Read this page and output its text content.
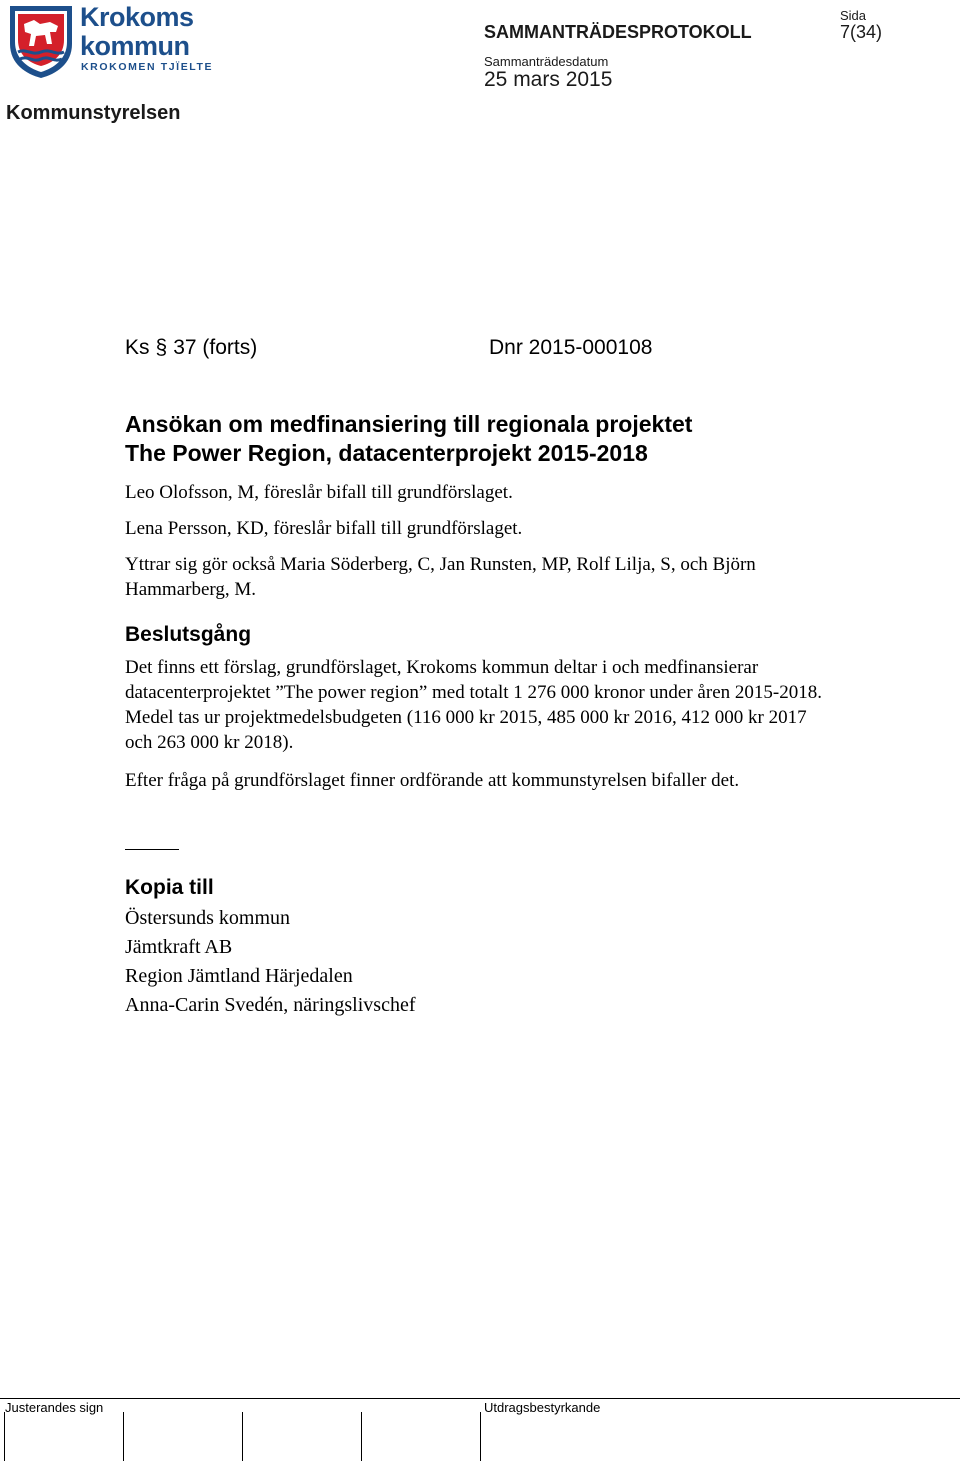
Krokoms
kommun
KROKOMEN TJÏELTE
SAMMANTRÄDESPROTOKOLL
Sammanträdesdatum
25 mars 2015
Sida
7(34)
Kommunstyrelsen
Ks § 37 (forts)	Dnr 2015-000108
Ansökan om medfinansiering till regionala projektet
The Power Region, datacenterprojekt 2015-2018
Leo Olofsson, M, föreslår bifall till grundförslaget.
Lena Persson, KD, föreslår bifall till grundförslaget.
Yttrar sig gör också Maria Söderberg, C, Jan Runsten, MP, Rolf Lilja, S, och Björn Hammarberg, M.
Beslutsgång
Det finns ett förslag, grundförslaget, Krokoms kommun deltar i och medfinansierar datacenterprojektet ”The power region” med totalt 1 276 000 kronor under åren 2015-2018. Medel tas ur projektmedelsbudgeten (116 000 kr 2015, 485 000 kr 2016, 412 000 kr 2017 och 263 000 kr 2018).
Efter fråga på grundförslaget finner ordförande att kommunstyrelsen bifaller det.
Kopia till
Östersunds kommun
Jämtkraft AB
Region Jämtland Härjedalen
Anna-Carin Svedén, näringslivschef
Justerandes sign	Utdragsbestyrkande
